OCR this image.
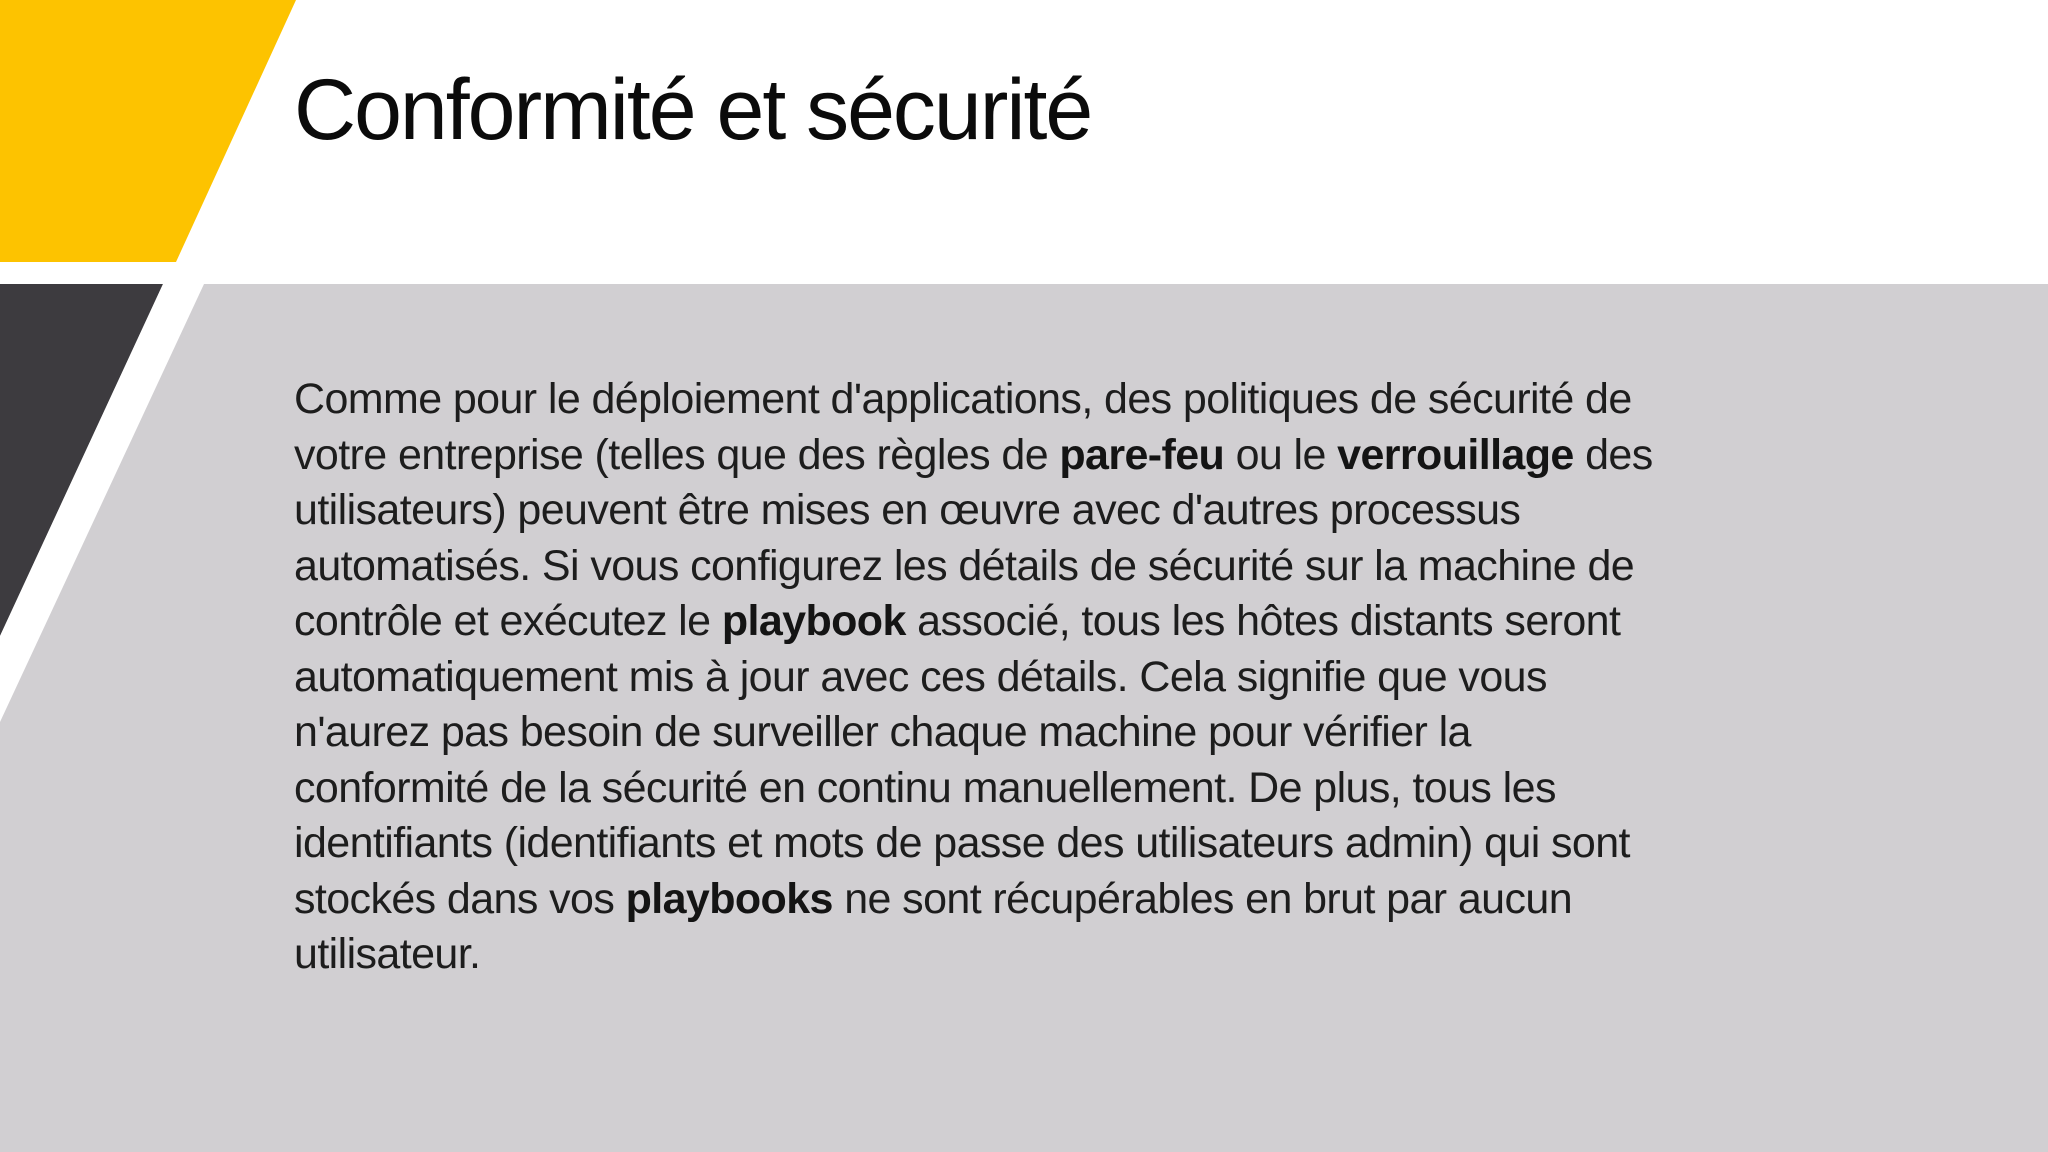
Conformité et sécurité
Comme pour le déploiement d'applications, des politiques de sécurité de
votre entreprise (telles que des règles de pare-feu ou le verrouillage des
utilisateurs) peuvent être mises en œuvre avec d'autres processus
automatisés. Si vous configurez les détails de sécurité sur la machine de
contrôle et exécutez le playbook associé, tous les hôtes distants seront
automatiquement mis à jour avec ces détails. Cela signifie que vous
n'aurez pas besoin de surveiller chaque machine pour vérifier la
conformité de la sécurité en continu manuellement. De plus, tous les
identifiants (identifiants et mots de passe des utilisateurs admin) qui sont
stockés dans vos playbooks ne sont récupérables en brut par aucun
utilisateur.
